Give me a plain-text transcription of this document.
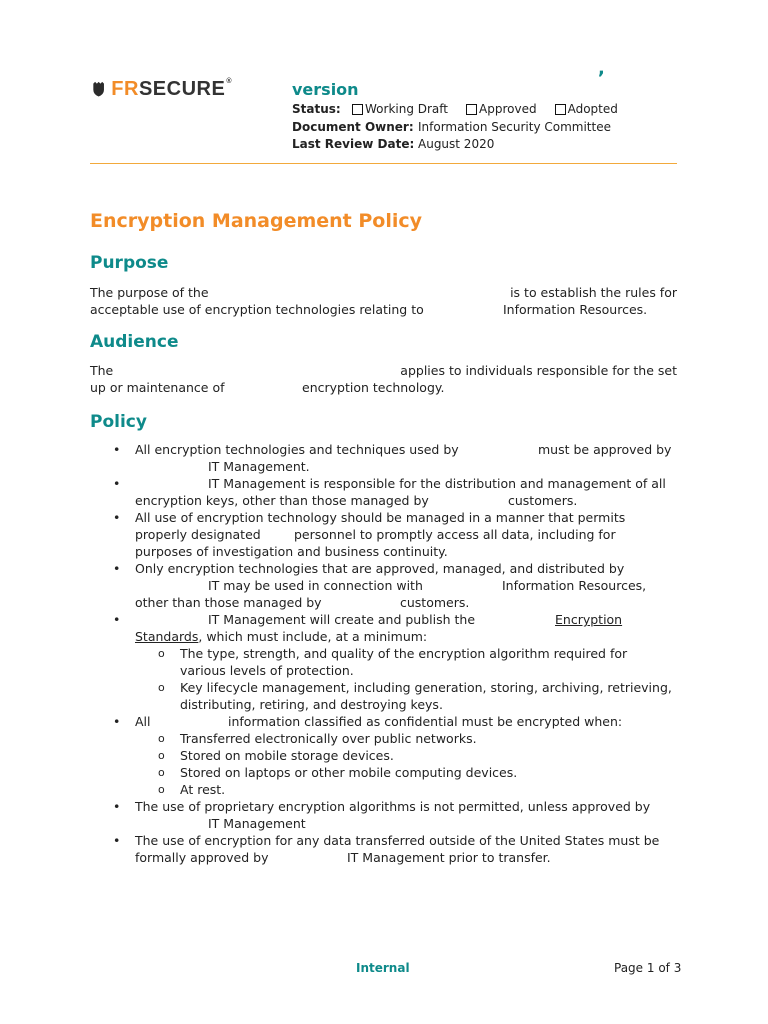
FRSECURE®
,
version
Status:	Working Draft	Approved	Adopted
Document Owner: Information Security Committee
Last Review Date: August 2020
Encryption Management Policy
Purpose
The purpose of the	is to establish the rules for
acceptable use of encryption technologies relating to	Information Resources.
Audience
The	applies to individuals responsible for the set
up or maintenance of	encryption technology.
Policy
• All encryption technologies and techniques used by	must be approved by
IT Management.
• IT Management is responsible for the distribution and management of all
encryption keys, other than those managed by	customers.
• All use of encryption technology should be managed in a manner that permits
properly designated	personnel to promptly access all data, including for
purposes of investigation and business continuity.
• Only encryption technologies that are approved, managed, and distributed by
IT may be used in connection with	Information Resources,
other than those managed by	customers.
• IT Management will create and publish the	Encryption
Standards, which must include, at a minimum:
o The type, strength, and quality of the encryption algorithm required for
various levels of protection.
o Key lifecycle management, including generation, storing, archiving, retrieving,
distributing, retiring, and destroying keys.
• All	information classified as confidential must be encrypted when:
o Transferred electronically over public networks.
o Stored on mobile storage devices.
o Stored on laptops or other mobile computing devices.
o At rest.
• The use of proprietary encryption algorithms is not permitted, unless approved by
IT Management
• The use of encryption for any data transferred outside of the United States must be
formally approved by	IT Management prior to transfer.
Internal	Page 1 of 3
